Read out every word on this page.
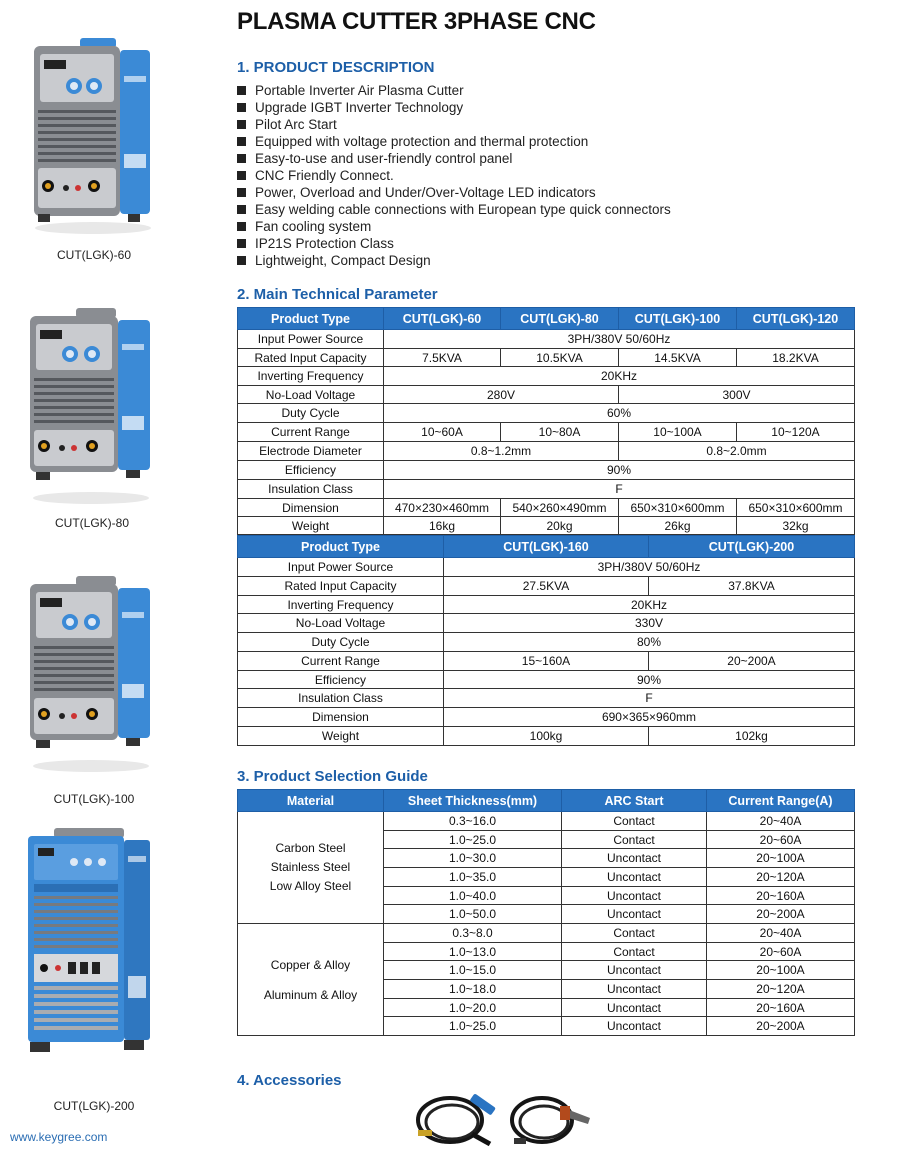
CUT(LGK)-60
CUT(LGK)-80
CUT(LGK)-100
CUT(LGK)-200
www.keygree.com
PLASMA CUTTER 3PHASE CNC
1. PRODUCT DESCRIPTION
Portable Inverter Air Plasma Cutter
Upgrade IGBT Inverter Technology
Pilot Arc Start
Equipped with voltage protection and thermal protection
Easy-to-use and user-friendly control panel
CNC Friendly Connect.
Power, Overload and Under/Over-Voltage LED indicators
Easy welding cable connections with European type quick connectors
Fan cooling system
IP21S Protection Class
Lightweight, Compact Design
2. Main Technical Parameter
Product Type	CUT(LGK)-60	CUT(LGK)-80	CUT(LGK)-100	CUT(LGK)-120
Input Power Source	3PH/380V 50/60Hz			
Rated Input Capacity	7.5KVA	10.5KVA	14.5KVA	18.2KVA
Inverting Frequency	20KHz			
No-Load Voltage	280V		300V	
Duty Cycle	60%			
Current Range	10~60A	10~80A	10~100A	10~120A
Electrode Diameter	0.8~1.2mm		0.8~2.0mm	
Efficiency	90%			
Insulation Class	F			
Dimension	470×230×460mm	540×260×490mm	650×310×600mm	650×310×600mm
Weight	16kg	20kg	26kg	32kg
Product Type	CUT(LGK)-160	CUT(LGK)-200
Input Power Source	3PH/380V 50/60Hz	
Rated Input Capacity	27.5KVA	37.8KVA
Inverting Frequency	20KHz	
No-Load Voltage	330V	
Duty Cycle	80%	
Current Range	15~160A	20~200A
Efficiency	90%	
Insulation Class	F	
Dimension	690×365×960mm	
Weight	100kg	102kg
3. Product Selection Guide
Material	Sheet Thickness(mm)	ARC Start	Current Range(A)

Carbon Steel
Stainless Steel
Low Alloy Steel	0.3~16.0	Contact	20~40A
	1.0~25.0	Contact	20~60A
	1.0~30.0	Uncontact	20~100A
	1.0~35.0	Uncontact	20~120A
	1.0~40.0	Uncontact	20~160A
	1.0~50.0	Uncontact	20~200A

Copper & Alloy
Aluminum & Alloy	0.3~8.0	Contact	20~40A
	1.0~13.0	Contact	20~60A
	1.0~15.0	Uncontact	20~100A
	1.0~18.0	Uncontact	20~120A
	1.0~20.0	Uncontact	20~160A
	1.0~25.0	Uncontact	20~200A
4. Accessories
